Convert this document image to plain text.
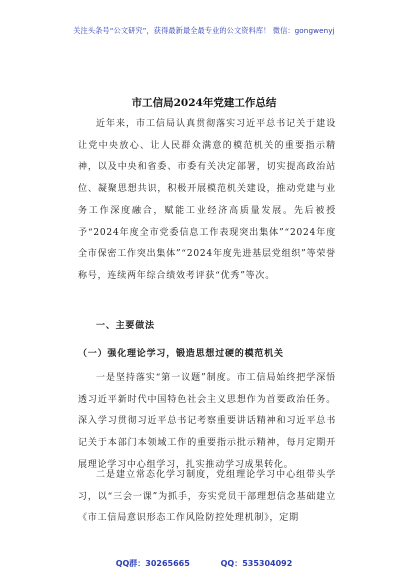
关注头条号“公文研究”，获得最新最全最专业的公文资料库！ 微信：gongwenyj
市工信局2024年党建工作总结

近年来，市工信局认真贯彻落实习近平总书记关于建设让党中央放心、让人民群众满意的模范机关的重要指示精神，以及中央和省委、市委有关决定部署，切实提高政治站位、凝聚思想共识，积极开展模范机关建设，推动党建与业务工作深度融合，赋能工业经济高质量发展。先后被授予“2024年度全市党委信息工作表现突出集体”“2024年度全市保密工作突出集体”“2024年度先进基层党组织”等荣誉称号，连续两年综合绩效考评获“优秀”等次。

一、主要做法
（一）强化理论学习，锻造思想过硬的模范机关

一是坚持落实“第一议题”制度。市工信局始终把学深悟透习近平新时代中国特色社会主义思想作为首要政治任务。深入学习贯彻习近平总书记考察重要讲话精神和习近平总书记关于本部门本领域工作的重要指示批示精神，每月定期开展理论学习中心组学习，扎实推动学习成果转化。

二是建立常态化学习制度，党组理论学习中心组带头学习，以“三会一课”为抓手，夯实党员干部理想信念基础建立《市工信局意识形态工作风险防控处理机制》，定期

QQ群：30265665 QQ：535304092
